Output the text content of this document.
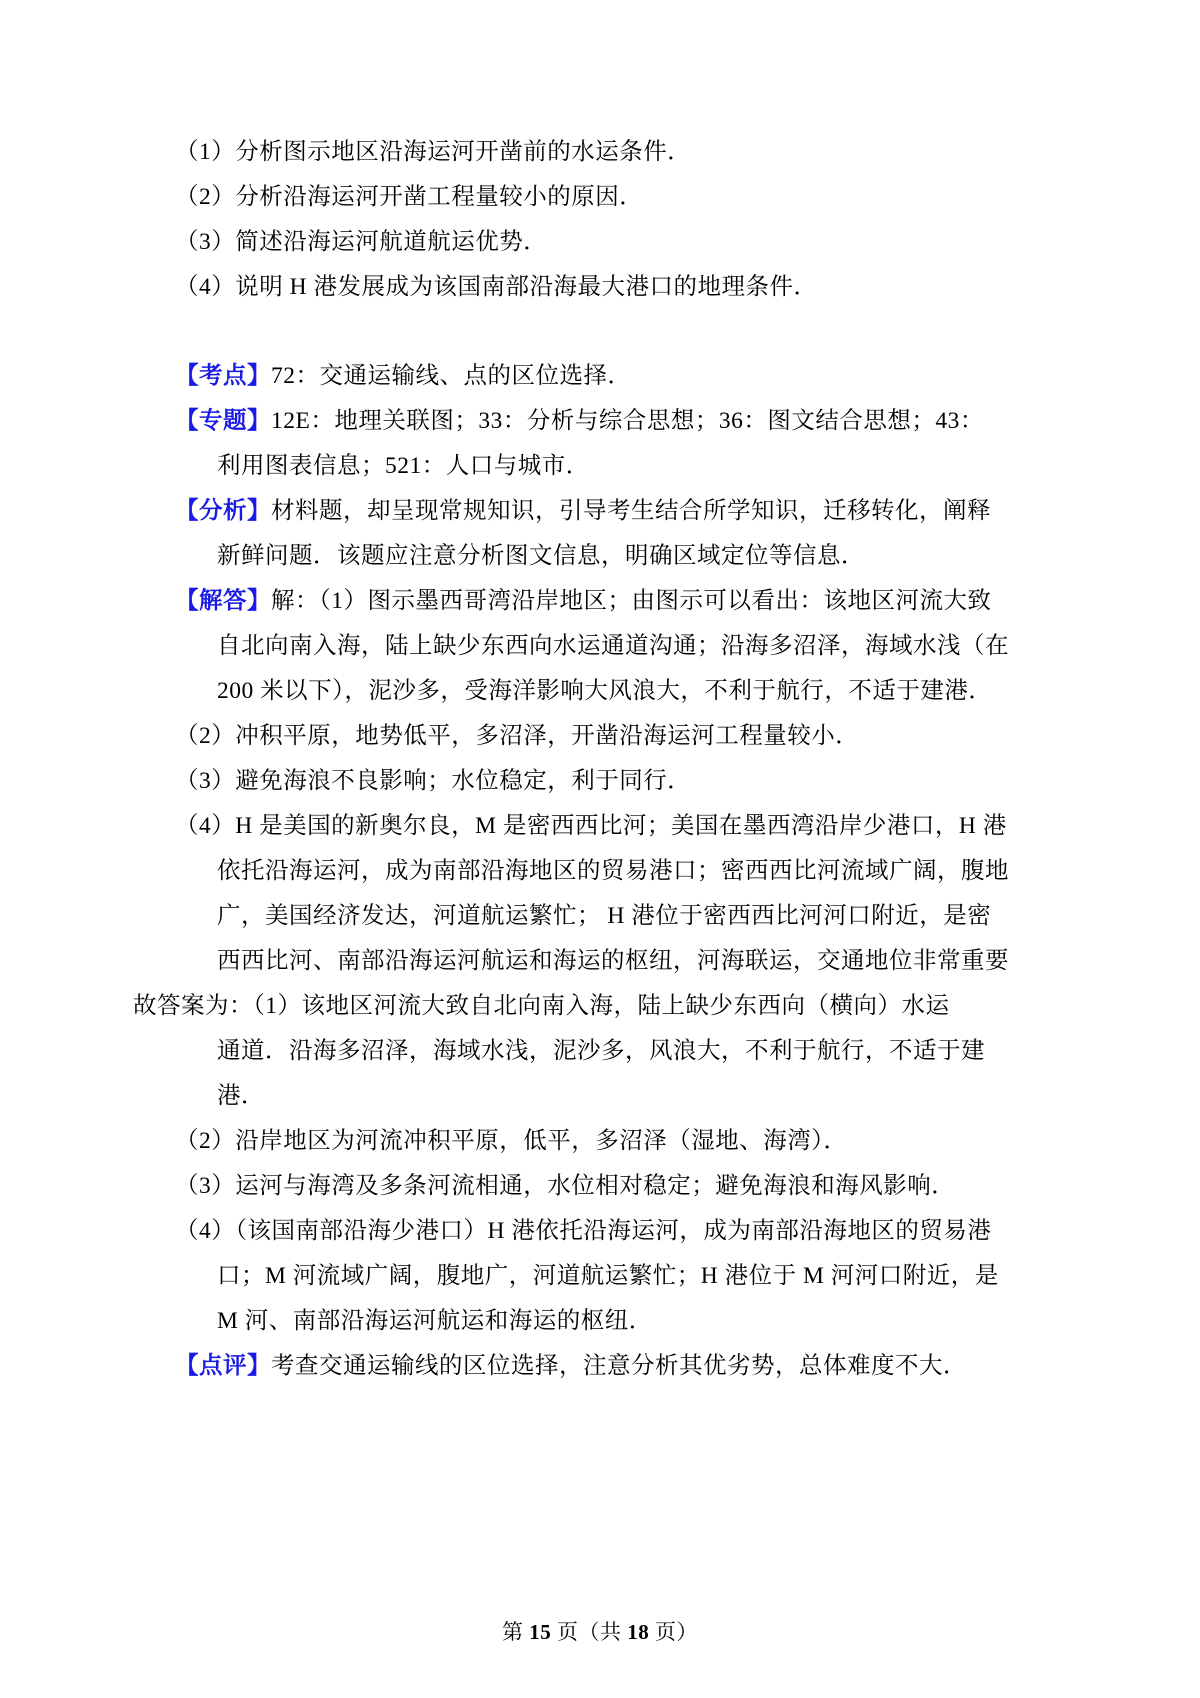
（1）分析图示地区沿海运河开凿前的水运条件．
（2）分析沿海运河开凿工程量较小的原因．
（3）简述沿海运河航道航运优势．
（4）说明 H 港发展成为该国南部沿海最大港口的地理条件．
【考点】72：交通运输线、点的区位选择．
【专题】12E：地理关联图；33：分析与综合思想；36：图文结合思想；43：
利用图表信息；521：人口与城市．
【分析】材料题，却呈现常规知识，引导考生结合所学知识，迁移转化，阐释
新鲜问题．该题应注意分析图文信息，明确区域定位等信息．
【解答】解：（1）图示墨西哥湾沿岸地区；由图示可以看出：该地区河流大致
自北向南入海，陆上缺少东西向水运通道沟通；沿海多沼泽，海域水浅（在
200 米以下），泥沙多，受海洋影响大风浪大，不利于航行，不适于建港．
（2）冲积平原，地势低平，多沼泽，开凿沿海运河工程量较小．
（3）避免海浪不良影响；水位稳定，利于同行．
（4）H 是美国的新奥尔良，M 是密西西比河；美国在墨西湾沿岸少港口，H 港
依托沿海运河，成为南部沿海地区的贸易港口；密西西比河流域广阔，腹地
广，美国经济发达，河道航运繁忙； H 港位于密西西比河河口附近，是密
西西比河、南部沿海运河航运和海运的枢纽，河海联运，交通地位非常重要
故答案为：（1）该地区河流大致自北向南入海，陆上缺少东西向（横向）水运
通道．沿海多沼泽，海域水浅，泥沙多，风浪大，不利于航行，不适于建
港．
（2）沿岸地区为河流冲积平原，低平，多沼泽（湿地、海湾）．
（3）运河与海湾及多条河流相通，水位相对稳定；避免海浪和海风影响．
（4）（该国南部沿海少港口）H 港依托沿海运河，成为南部沿海地区的贸易港
口；M 河流域广阔，腹地广，河道航运繁忙；H 港位于 M 河河口附近，是
M 河、南部沿海运河航运和海运的枢纽．
【点评】考查交通运输线的区位选择，注意分析其优劣势，总体难度不大．
第 15 页（共 18 页）
